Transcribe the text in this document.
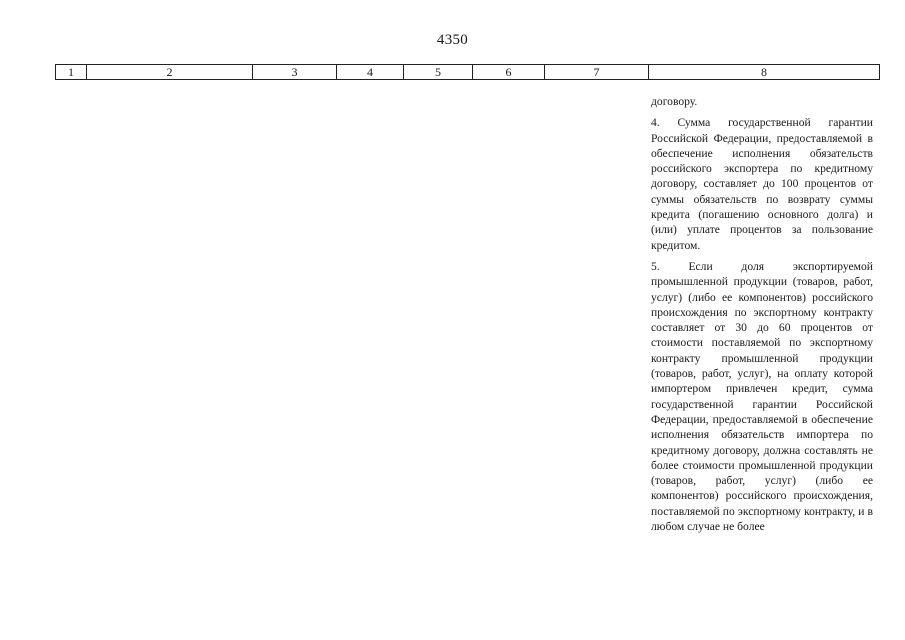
4350
1	2	3	4	5	6	7	8

договору.

4. Сумма государственной гарантии Российской Федерации, предоставляемой в обеспечение исполнения обязательств российского экспортера по кредитному договору, составляет до 100 процентов от суммы обязательств по возврату суммы кредита (погашению основного долга) и (или) уплате процентов за пользование кредитом.

5. Если доля экспортируемой промышленной продукции (товаров, работ, услуг) (либо ее компонентов) российского происхождения по экспортному контракту составляет от 30 до 60 процентов от стоимости поставляемой по экспортному контракту промышленной продукции (товаров, работ, услуг), на оплату которой импортером привлечен кредит, сумма государственной гарантии Российской Федерации, предоставляемой в обеспечение исполнения обязательств импортера по кредитному договору, должна составлять не более стоимости промышленной продукции (товаров, работ, услуг) (либо ее компонентов) российского происхождения, поставляемой по экспортному контракту, и в любом случае не более
